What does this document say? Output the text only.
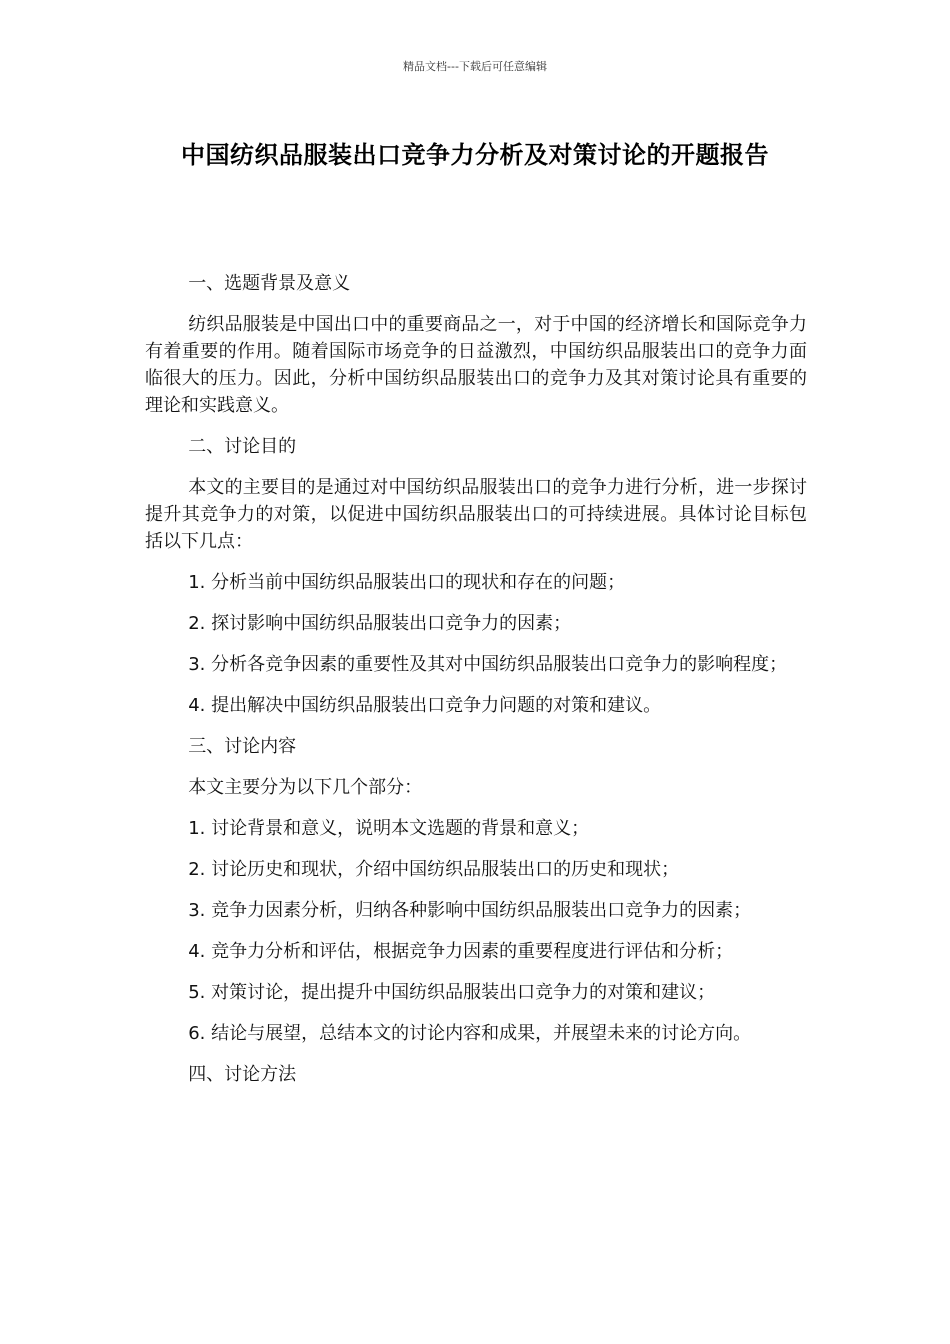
精品文档---下载后可任意编辑
中国纺织品服装出口竞争力分析及对策讨论的开题报告

一、选题背景及意义

纺织品服装是中国出口中的重要商品之一，对于中国的经济增长和国际竞争力有着重要的作用。随着国际市场竞争的日益激烈，中国纺织品服装出口的竞争力面临很大的压力。因此，分析中国纺织品服装出口的竞争力及其对策讨论具有重要的理论和实践意义。

二、讨论目的

本文的主要目的是通过对中国纺织品服装出口的竞争力进行分析，进一步探讨提升其竞争力的对策，以促进中国纺织品服装出口的可持续进展。具体讨论目标包括以下几点：

1. 分析当前中国纺织品服装出口的现状和存在的问题；

2. 探讨影响中国纺织品服装出口竞争力的因素；

3. 分析各竞争因素的重要性及其对中国纺织品服装出口竞争力的影响程度；

4. 提出解决中国纺织品服装出口竞争力问题的对策和建议。

三、讨论内容

本文主要分为以下几个部分：

1. 讨论背景和意义，说明本文选题的背景和意义；

2. 讨论历史和现状，介绍中国纺织品服装出口的历史和现状；

3. 竞争力因素分析，归纳各种影响中国纺织品服装出口竞争力的因素；

4. 竞争力分析和评估，根据竞争力因素的重要程度进行评估和分析；

5. 对策讨论，提出提升中国纺织品服装出口竞争力的对策和建议；

6. 结论与展望，总结本文的讨论内容和成果，并展望未来的讨论方向。

四、讨论方法
